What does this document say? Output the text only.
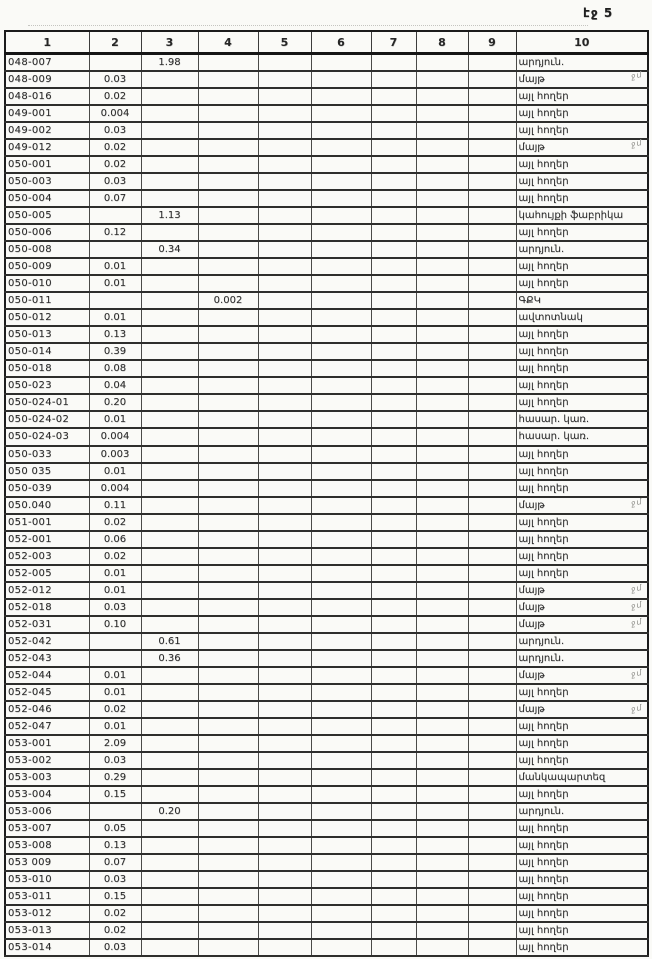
էջ 5
1	2	3	4	5	6	7	8	9	10
048-007		1.98							արդյուն.
048-009	0.03								մայթ
048-016	0.02								այլ հողեր
049-001	0.004								այլ հողեր
049-002	0.03								այլ հողեր
049-012	0.02								մայթ
050-001	0.02								այլ հողեր
050-003	0.03								այլ հողեր
050-004	0.07								այլ հողեր
050-005		1.13							կահույքի ֆաբրիկա
050-006	0.12								այլ հողեր
050-008		0.34							արդյուն.
050-009	0.01								այլ հողեր
050-010	0.01								այլ հողեր
050-011			0.002						ԳՔԿ
050-012	0.01								ավտոտնակ
050-013	0.13								այլ հողեր
050-014	0.39								այլ հողեր
050-018	0.08								այլ հողեր
050-023	0.04								այլ հողեր
050-024-01	0.20								այլ հողեր
050-024-02	0.01								հասար. կառ.
050-024-03	0.004								հասար. կառ.
050-033	0.003								այլ հողեր
050 035	0.01								այլ հողեր
050-039	0.004								այլ հողեր
050.040	0.11								մայթ
051-001	0.02								այլ հողեր
052-001	0.06								այլ հողեր
052-003	0.02								այլ հողեր
052-005	0.01								այլ հողեր
052-012	0.01								մայթ
052-018	0.03								մայթ
052-031	0.10								մայթ
052-042		0.61							արդյուն.
052-043		0.36							արդյուն.
052-044	0.01								մայթ
052-045	0.01								այլ հողեր
052-046	0.02								մայթ
052-047	0.01								այլ հողեր
053-001	2.09								այլ հողեր
053-002	0.03								այլ հողեր
053-003	0.29								մանկապարտեզ
053-004	0.15								այլ հողեր
053-006		0.20							արդյուն.
053-007	0.05								այլ հողեր
053-008	0.13								այլ հողեր
053 009	0.07								այլ հողեր
053-010	0.03								այլ հողեր
053-011	0.15								այլ հողեր
053-012	0.02								այլ հողեր
053-013	0.02								այլ հողեր
053-014	0.03								այլ հողեր
ջմ
ջմ
ջմ
ջմ
ջմ
ջմ
ջմ
ջմ
